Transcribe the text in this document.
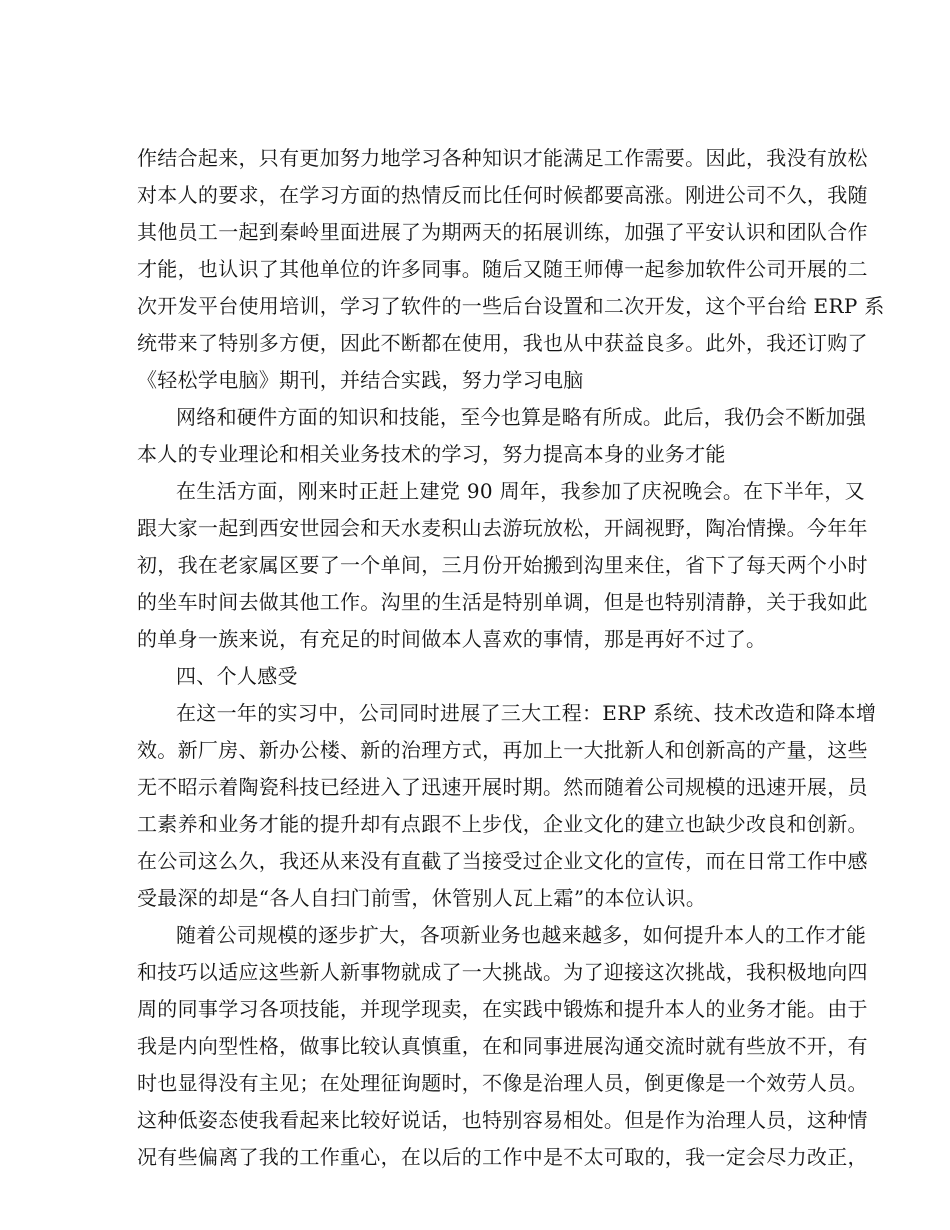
作结合起来，只有更加努力地学习各种知识才能满足工作需要。因此，我没有放松
对本人的要求，在学习方面的热情反而比任何时候都要高涨。刚进公司不久，我随
其他员工一起到秦岭里面进展了为期两天的拓展训练，加强了平安认识和团队合作
才能，也认识了其他单位的许多同事。随后又随王师傅一起参加软件公司开展的二
次开发平台使用培训，学习了软件的一些后台设置和二次开发，这个平台给 ERP 系
统带来了特别多方便，因此不断都在使用，我也从中获益良多。此外，我还订购了
《轻松学电脑》期刊，并结合实践，努力学习电脑
网络和硬件方面的知识和技能，至今也算是略有所成。此后，我仍会不断加强
本人的专业理论和相关业务技术的学习，努力提高本身的业务才能
在生活方面，刚来时正赶上建党 90 周年，我参加了庆祝晚会。在下半年，又
跟大家一起到西安世园会和天水麦积山去游玩放松，开阔视野，陶冶情操。今年年
初，我在老家属区要了一个单间，三月份开始搬到沟里来住，省下了每天两个小时
的坐车时间去做其他工作。沟里的生活是特别单调，但是也特别清静，关于我如此
的单身一族来说，有充足的时间做本人喜欢的事情，那是再好不过了。
四、个人感受
在这一年的实习中，公司同时进展了三大工程：ERP 系统、技术改造和降本增
效。新厂房、新办公楼、新的治理方式，再加上一大批新人和创新高的产量，这些
无不昭示着陶瓷科技已经进入了迅速开展时期。然而随着公司规模的迅速开展，员
工素养和业务才能的提升却有点跟不上步伐，企业文化的建立也缺少改良和创新。
在公司这么久，我还从来没有直截了当接受过企业文化的宣传，而在日常工作中感
受最深的却是“各人自扫门前雪，休管别人瓦上霜”的本位认识。
随着公司规模的逐步扩大，各项新业务也越来越多，如何提升本人的工作才能
和技巧以适应这些新人新事物就成了一大挑战。为了迎接这次挑战，我积极地向四
周的同事学习各项技能，并现学现卖，在实践中锻炼和提升本人的业务才能。由于
我是内向型性格，做事比较认真慎重，在和同事进展沟通交流时就有些放不开，有
时也显得没有主见；在处理征询题时，不像是治理人员，倒更像是一个效劳人员。
这种低姿态使我看起来比较好说话，也特别容易相处。但是作为治理人员，这种情
况有些偏离了我的工作重心，在以后的工作中是不太可取的，我一定会尽力改正，
